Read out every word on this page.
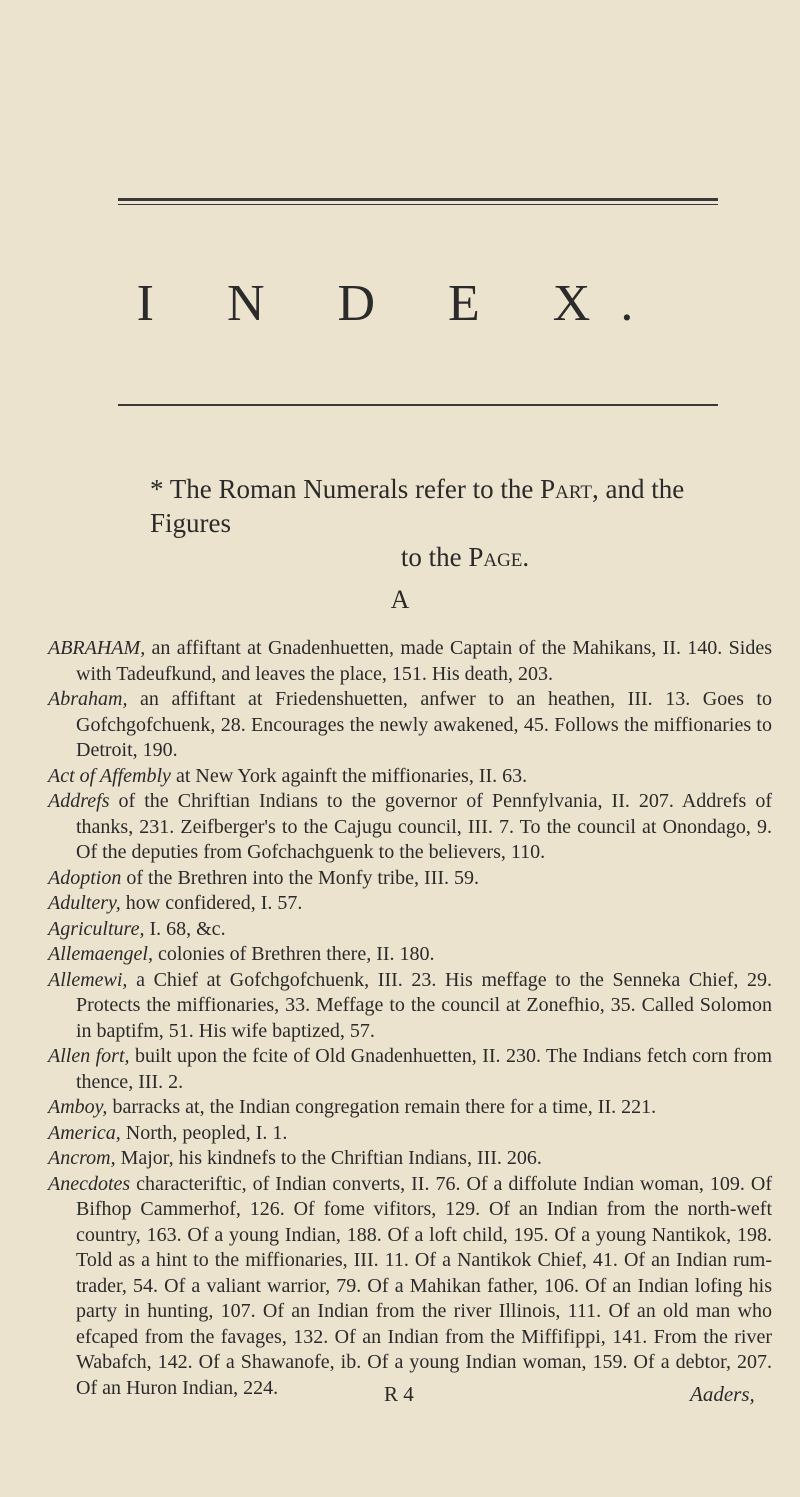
I N D E X.
* The Roman Numerals refer to the Part, and the Figures
to the Page.
A

ABRAHAM, an affiftant at Gnadenhuetten, made Captain of the Mahikans, II. 140. Sides with Tadeufkund, and leaves the place, 151. His death, 203.

Abraham, an affiftant at Friedenshuetten, anfwer to an heathen, III. 13. Goes to Gofchgofchuenk, 28. Encourages the newly awakened, 45. Follows the miffionaries to Detroit, 190.

Act of Affembly at New York againft the miffionaries, II. 63.

Addrefs of the Chriftian Indians to the governor of Pennfylvania, II. 207. Addrefs of thanks, 231. Zeifberger's to the Cajugu council, III. 7. To the council at Onondago, 9. Of the deputies from Gofchachguenk to the believers, 110.

Adoption of the Brethren into the Monfy tribe, III. 59.

Adultery, how confidered, I. 57.

Agriculture, I. 68, &c.

Allemaengel, colonies of Brethren there, II. 180.

Allemewi, a Chief at Gofchgofchuenk, III. 23. His meffage to the Senneka Chief, 29. Protects the miffionaries, 33. Meffage to the council at Zonefhio, 35. Called Solomon in baptifm, 51. His wife baptized, 57.

Allen fort, built upon the fcite of Old Gnadenhuetten, II. 230. The Indians fetch corn from thence, III. 2.

Amboy, barracks at, the Indian congregation remain there for a time, II. 221.

America, North, peopled, I. 1.

Ancrom, Major, his kindnefs to the Chriftian Indians, III. 206.

Anecdotes characteriftic, of Indian converts, II. 76. Of a diffolute Indian woman, 109. Of Bifhop Cammerhof, 126. Of fome vifitors, 129. Of an Indian from the north-weft country, 163. Of a young Indian, 188. Of a loft child, 195. Of a young Nantikok, 198. Told as a hint to the miffionaries, III. 11. Of a Nantikok Chief, 41. Of an Indian rum-trader, 54. Of a valiant warrior, 79. Of a Mahikan father, 106. Of an Indian lofing his party in hunting, 107. Of an Indian from the river Illinois, 111. Of an old man who efcaped from the favages, 132. Of an Indian from the Miffifippi, 141. From the river Wabafch, 142. Of a Shawanofe, ib. Of a young Indian woman, 159. Of a debtor, 207. Of an Huron Indian, 224.	R 4	Aaders,
